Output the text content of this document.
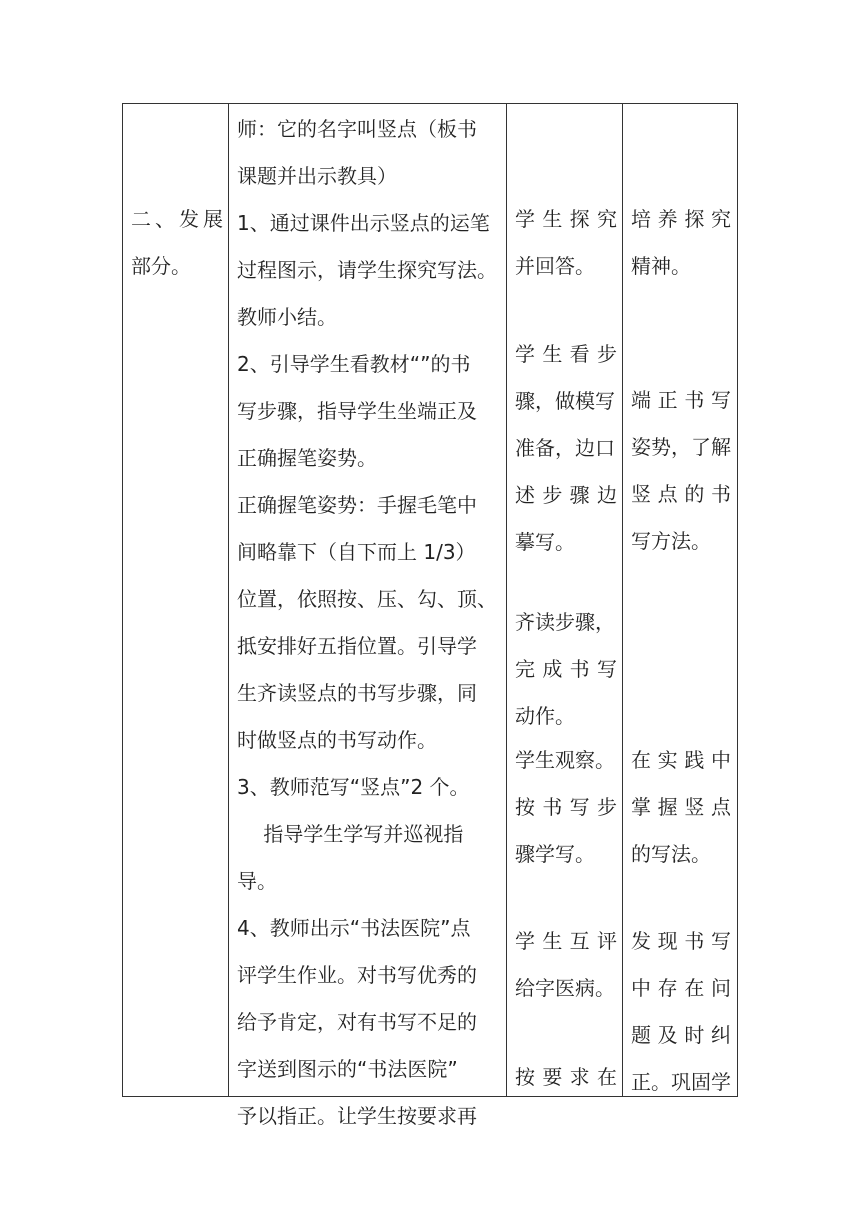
二、发展
部分。
师：它的名字叫竖点（板书
课题并出示教具）
1、通过课件出示竖点的运笔
过程图示，请学生探究写法。
教师小结。
2、引导学生看教材“”的书
写步骤，指导学生坐端正及
正确握笔姿势。
正确握笔姿势：手握毛笔中
间略靠下（自下而上 1/3）
位置，依照按、压、勾、顶、
抵安排好五指位置。引导学
生齐读竖点的书写步骤，同
时做竖点的书写动作。
3、教师范写“竖点”2 个。
　 指导学生学写并巡视指
导。
4、教师出示“书法医院”点
评学生作业。对书写优秀的
给予肯定，对有书写不足的
字送到图示的“书法医院”
予以指正。让学生按要求再
学生探究
并回答。
学生看步
骤，做模写
准备，边口
述步骤边
摹写。
齐读步骤，
完成书写
动作。
学生观察。
按书写步
骤学写。
学生互评
给字医病。
按要求在
培养探究
精神。
端正书写
姿势，了解
竖点的书
写方法。
在实践中
掌握竖点
的写法。
发现书写
中存在问
题及时纠
正。巩固学
